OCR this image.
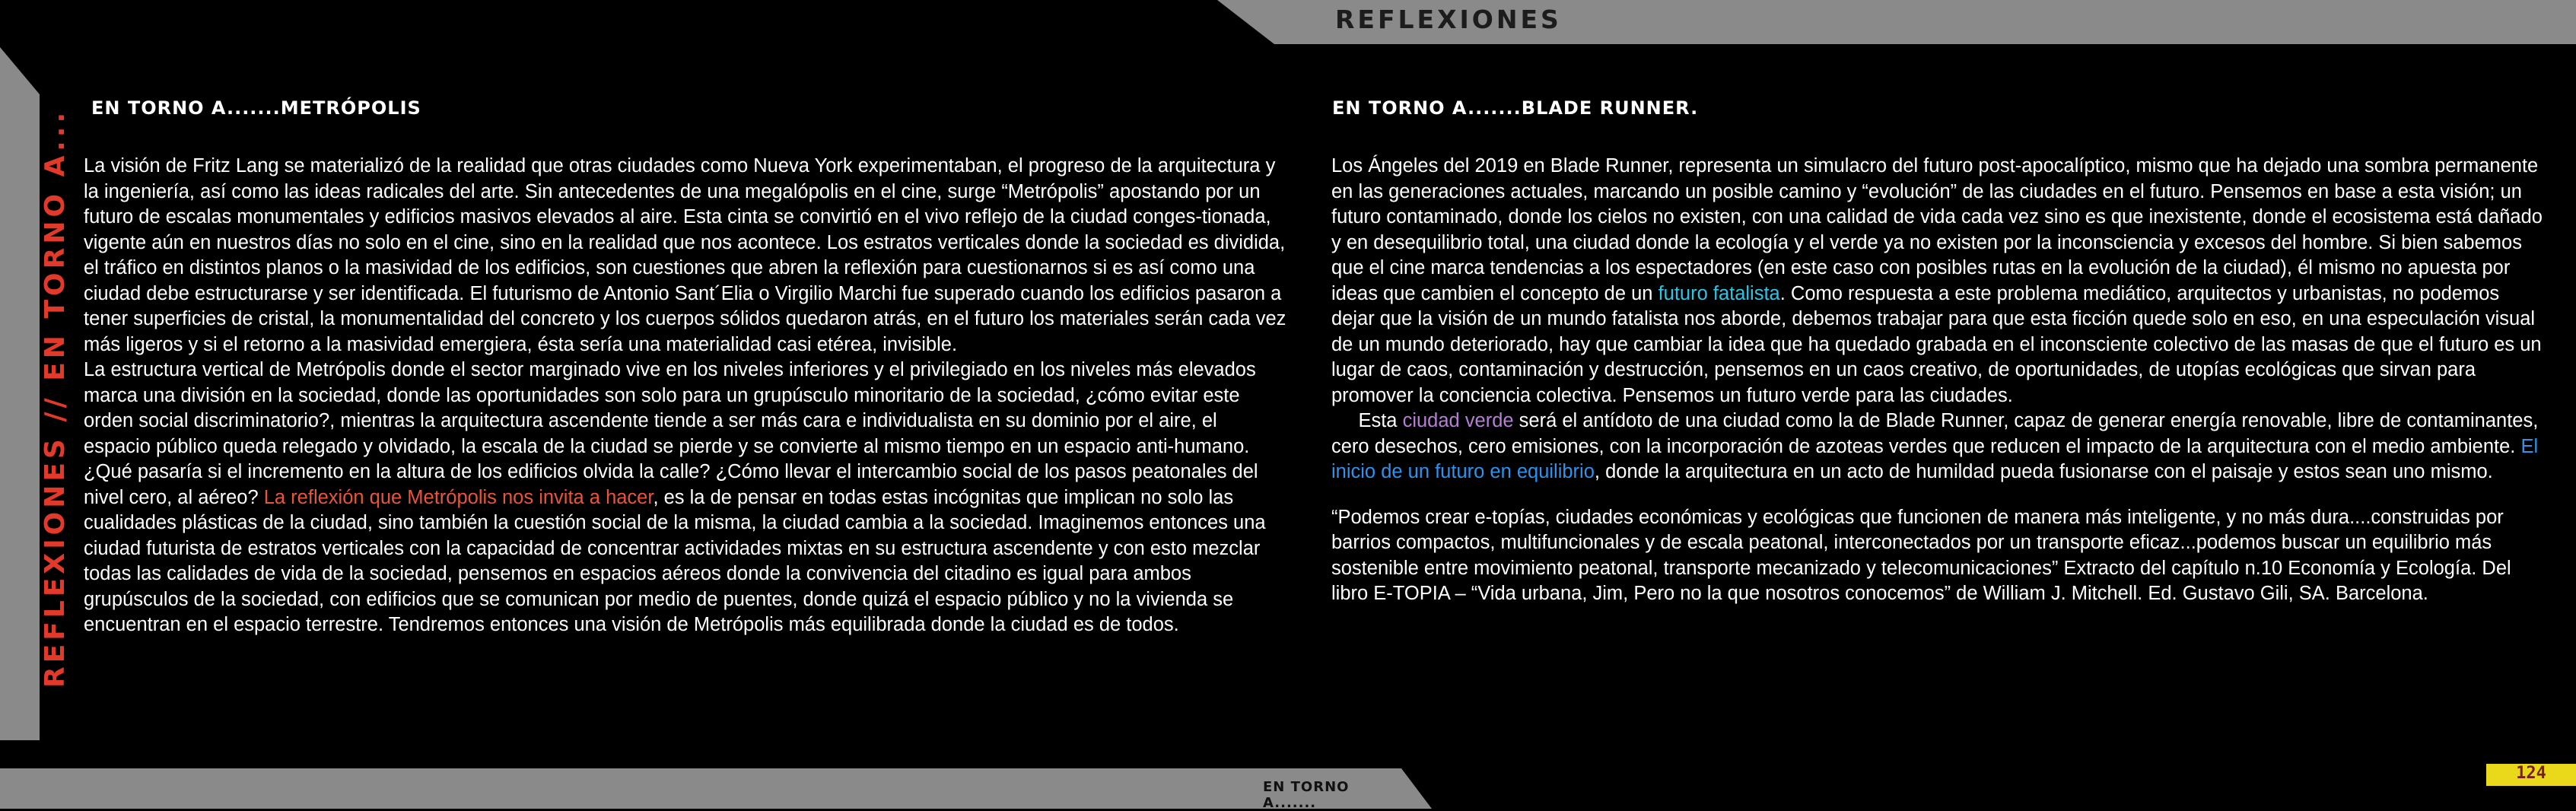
REFLEXIONES
REFLEXIONES // EN TORNO A...
EN TORNO A.......METRÓPOLIS

La visión de Fritz Lang se materializó de la realidad que otras ciudades como Nueva York experimentaban, el progreso de la arquitectura y la ingeniería, así como las ideas radicales del arte. Sin antecedentes de una megalópolis en el cine, surge “Metrópolis” apostando por un futuro de escalas monumentales y edificios masivos elevados al aire. Esta cinta se convirtió en el vivo reflejo de la ciudad conges-tionada, vigente aún en nuestros días no solo en el cine, sino en la realidad que nos acontece. Los estratos verticales donde la sociedad es dividida, el tráfico en distintos planos o la masividad de los edificios, son cuestiones que abren la reflexión para cuestionarnos si es así como una ciudad debe estructurarse y ser identificada. El futurismo de Antonio Sant´Elia o Virgilio Marchi fue superado cuando los edificios pasaron a tener superficies de cristal, la monumentalidad del concreto y los cuerpos sólidos quedaron atrás, en el futuro los materiales serán cada vez más ligeros y si el retorno a la masividad emergiera, ésta sería una materialidad casi etérea, invisible.

La estructura vertical de Metrópolis donde el sector marginado vive en los niveles inferiores y el privilegiado en los niveles más elevados marca una división en la sociedad, donde las oportunidades son solo para un grupúsculo minoritario de la sociedad, ¿cómo evitar este orden social discriminatorio?, mientras la arquitectura ascendente tiende a ser más cara e individualista en su dominio por el aire, el espacio público queda relegado y olvidado, la escala de la ciudad se pierde y se convierte al mismo tiempo en un espacio anti-humano. ¿Qué pasaría si el incremento en la altura de los edificios olvida la calle? ¿Cómo llevar el intercambio social de los pasos peatonales del nivel cero, al aéreo? La reflexión que Metrópolis nos invita a hacer, es la de pensar en todas estas incógnitas que implican no solo las cualidades plásticas de la ciudad, sino también la cuestión social de la misma, la ciudad cambia a la sociedad. Imaginemos entonces una ciudad futurista de estratos verticales con la capacidad de concentrar actividades mixtas en su estructura ascendente y con esto mezclar todas las calidades de vida de la sociedad, pensemos en espacios aéreos donde la convivencia del citadino es igual para ambos grupúsculos de la sociedad, con edificios que se comunican por medio de puentes, donde quizá el espacio público y no la vivienda se encuentran en el espacio terrestre. Tendremos entonces una visión de Metrópolis más equilibrada donde la ciudad es de todos.

EN TORNO A.......BLADE RUNNER.

Los Ángeles del 2019 en Blade Runner, representa un simulacro del futuro post-apocalíptico, mismo que ha dejado una sombra permanente en las generaciones actuales, marcando un posible camino y “evolución” de las ciudades en el futuro. Pensemos en base a esta visión; un futuro contaminado, donde los cielos no existen, con una calidad de vida cada vez sino es que inexistente, donde el ecosistema está dañado y en desequilibrio total, una ciudad donde la ecología y el verde ya no existen por la inconsciencia y excesos del hombre. Si bien sabemos que el cine marca tendencias a los espectadores (en este caso con posibles rutas en la evolución de la ciudad), él mismo no apuesta por ideas que cambien el concepto de un futuro fatalista. Como respuesta a este problema mediático, arquitectos y urbanistas, no podemos dejar que la visión de un mundo fatalista nos aborde, debemos trabajar para que esta ficción quede solo en eso, en una especulación visual de un mundo deteriorado, hay que cambiar la idea que ha quedado grabada en el inconsciente colectivo de las masas de que el futuro es un lugar de caos, contaminación y destrucción, pensemos en un caos creativo, de oportunidades, de utopías ecológicas que sirvan para promover la conciencia colectiva. Pensemos un futuro verde para las ciudades.

Esta ciudad verde será el antídoto de una ciudad como la de Blade Runner, capaz de generar energía renovable, libre de contaminantes, cero desechos, cero emisiones, con la incorporación de azoteas verdes que reducen el impacto de la arquitectura con el medio ambiente. El inicio de un futuro en equilibrio, donde la arquitectura en un acto de humildad pueda fusionarse con el paisaje y estos sean uno mismo.

“Podemos crear e-topías, ciudades económicas y ecológicas que funcionen de manera más inteligente, y no más dura....construidas por barrios compactos, multifuncionales y de escala peatonal, interconectados por un transporte eficaz...podemos buscar un equilibrio más sostenible entre movimiento peatonal, transporte mecanizado y telecomunicaciones” Extracto del capítulo n.10 Economía y Ecología. Del libro E-TOPIA – “Vida urbana, Jim, Pero no la que nosotros conocemos” de William J. Mitchell. Ed. Gustavo Gili, SA. Barcelona.

EN TORNO A.......
124
